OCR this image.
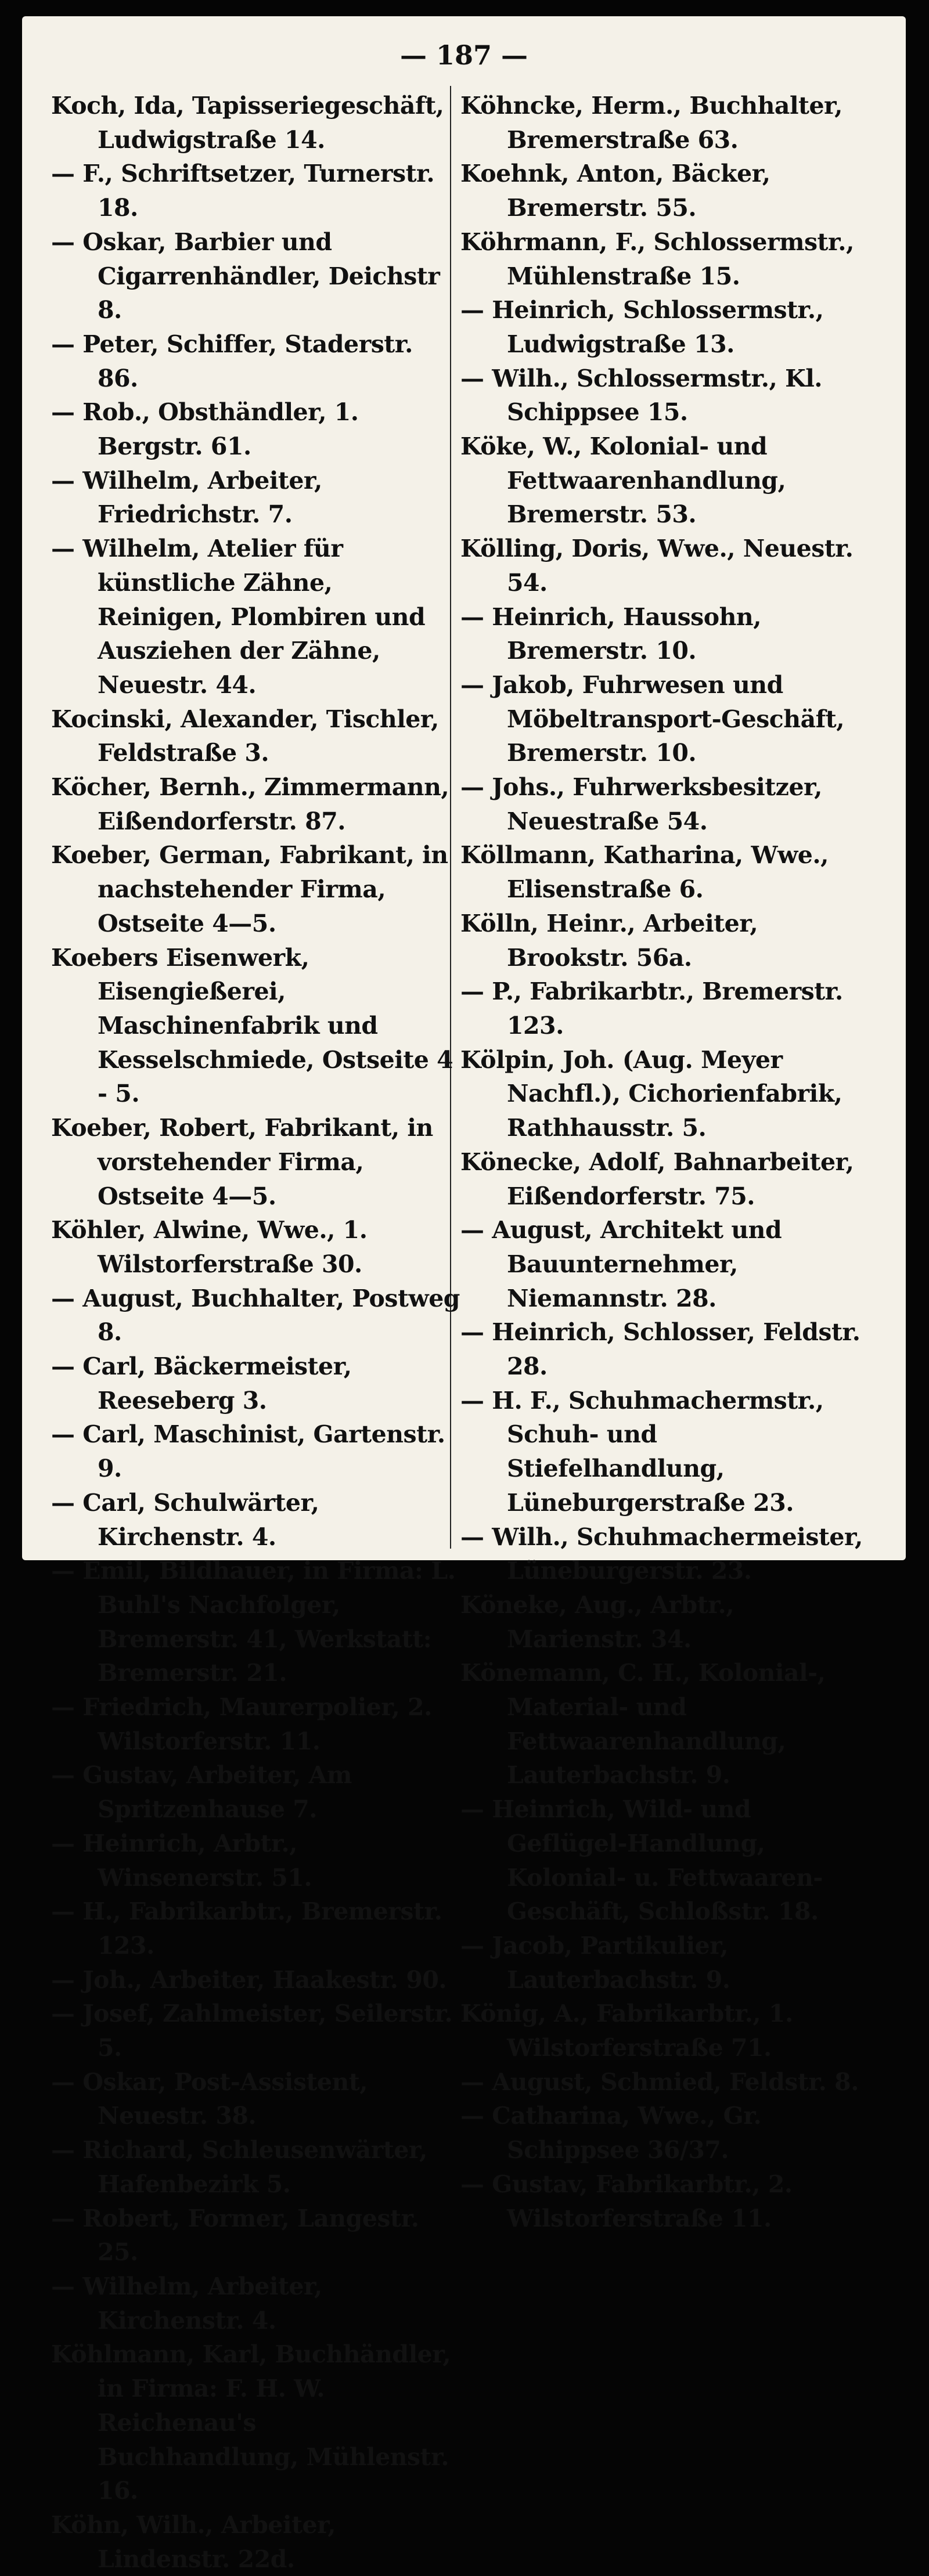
— 187 —
Koch, Ida, Tapisseriegeschäft, Ludwigstraße 14.
— F., Schriftsetzer, Turnerstr. 18.
— Oskar, Barbier und Cigarrenhändler, Deichstr 8.
— Peter, Schiffer, Staderstr. 86.
— Rob., Obsthändler, 1. Bergstr. 61.
— Wilhelm, Arbeiter, Friedrichstr. 7.
— Wilhelm, Atelier für künstliche Zähne, Reinigen, Plombiren und Ausziehen der Zähne, Neuestr. 44.
Kocinski, Alexander, Tischler, Feldstraße 3.
Köcher, Bernh., Zimmermann, Eißendorferstr. 87.
Koeber, German, Fabrikant, in nachstehender Firma, Ostseite 4—5.
Koebers Eisenwerk, Eisengießerei, Maschinenfabrik und Kesselschmiede, Ostseite 4 - 5.
Koeber, Robert, Fabrikant, in vorstehender Firma, Ostseite 4—5.
Köhler, Alwine, Wwe., 1. Wilstorferstraße 30.
— August, Buchhalter, Postweg 8.
— Carl, Bäckermeister, Reeseberg 3.
— Carl, Maschinist, Gartenstr. 9.
— Carl, Schulwärter, Kirchenstr. 4.
— Emil, Bildhauer, in Firma: L. Buhl's Nachfolger, Bremerstr. 41, Werkstatt: Bremerstr. 21.
— Friedrich, Maurerpolier, 2. Wilstorferstr. 11.
— Gustav, Arbeiter, Am Spritzenhause 7.
— Heinrich, Arbtr., Winsenerstr. 51.
— H., Fabrikarbtr., Bremerstr. 123.
— Joh., Arbeiter, Haakestr. 90.
— Josef, Zahlmeister, Seilerstr. 5.
— Oskar, Post-Assistent, Neuestr. 38.
— Richard, Schleusenwärter, Hafenbezirk 5.
— Robert, Former, Langestr. 25.
— Wilhelm, Arbeiter, Kirchenstr. 4.
Köhlmann, Karl, Buchhändler, in Firma: F. H. W. Reichenau's Buchhandlung, Mühlenstr. 16.
Köhn, Wilh., Arbeiter, Lindenstr. 22d.
Köhncke, Herm., Buchhalter, Bremerstraße 63.
Koehnk, Anton, Bäcker, Bremerstr. 55.
Köhrmann, F., Schlossermstr., Mühlenstraße 15.
— Heinrich, Schlossermstr., Ludwigstraße 13.
— Wilh., Schlossermstr., Kl. Schippsee 15.
Köke, W., Kolonial- und Fettwaarenhandlung, Bremerstr. 53.
Kölling, Doris, Wwe., Neuestr. 54.
— Heinrich, Haussohn, Bremerstr. 10.
— Jakob, Fuhrwesen und Möbeltransport-Geschäft, Bremerstr. 10.
— Johs., Fuhrwerksbesitzer, Neuestraße 54.
Köllmann, Katharina, Wwe., Elisenstraße 6.
Kölln, Heinr., Arbeiter, Brookstr. 56a.
— P., Fabrikarbtr., Bremerstr. 123.
Kölpin, Joh. (Aug. Meyer Nachfl.), Cichorienfabrik, Rathhausstr. 5.
Könecke, Adolf, Bahnarbeiter, Eißendorferstr. 75.
— August, Architekt und Bauunternehmer, Niemannstr. 28.
— Heinrich, Schlosser, Feldstr. 28.
— H. F., Schuhmachermstr., Schuh- und Stiefelhandlung, Lüneburgerstraße 23.
— Wilh., Schuhmachermeister, Lüneburgerstr. 23.
Köneke, Aug., Arbtr., Marienstr. 34.
Könemann, C. H., Kolonial-, Material- und Fettwaarenhandlung, Lauterbachstr. 9.
— Heinrich, Wild- und Geflügel-Handlung, Kolonial- u. Fettwaaren-Geschäft, Schloßstr. 18.
— Jacob, Partikulier, Lauterbachstr. 9.
König, A., Fabrikarbtr., 1. Wilstorferstraße 71.
— August, Schmied, Feldstr. 8.
— Catharina, Wwe., Gr. Schippsee 36/37.
— Gustav, Fabrikarbtr., 2. Wilstorferstraße 11.
